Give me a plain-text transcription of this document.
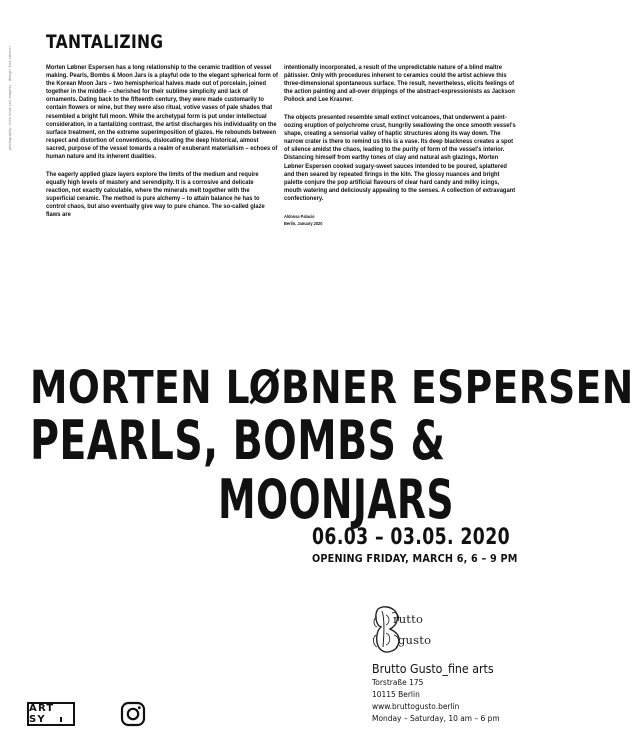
photography: chris bhok (all images) · design: tina vannier
TANTALIZING

Morten Løbner Espersen has a long relationship to the ceramic tradition of vessel making. Pearls, Bombs & Moon Jars is a playful ode to the elegant spherical form of the Korean Moon Jars – two hemispherical halves made out of porcelain, joined together in the middle – cherished for their sublime simplicity and lack of ornaments. Dating back to the fifteenth century, they were made customarily to contain flowers or wine, but they were also ritual, votive vases of pale shades that resembled a bright full moon. While the archetypal form is put under intellectual consideration, in a tantalizing contrast, the artist discharges his individuality on the surface treatment, on the extreme superimposition of glazes. He rebounds between respect and distortion of conventions, dislocating the deep historical, almost sacred, purpose of the vessel towards a realm of exuberant materialism – echoes of human nature and its inherent dualities.

The eagerly applied glaze layers explore the limits of the medium and require equally high levels of mastery and serendipity. It is a corrosive and delicate reaction, not exactly calculable, where the minerals melt together with the superficial ceramic. The method is pure alchemy – to attain balance he has to control chaos, but also eventually give way to pure chance. The so-called glaze flaws are

intentionally incorporated, a result of the unpredictable nature of a blind maître pâtissier. Only with procedures inherent to ceramics could the artist achieve this three-dimensional spontaneous surface. The result, nevertheless, elicits feelings of the action painting and all-over drippings of the abstract-expressionists as Jackson Pollock and Lee Krasner.

The objects presented resemble small extinct volcanoes, that underwent a paint-oozing eruption of polychrome crust, hungrily swallowing the once smooth vessel's shape, creating a sensorial valley of haptic structures along its way down. The narrow crater is there to remind us this is a vase. Its deep blackness creates a spot of silence amidst the chaos, leading to the purity of form of the vessel's interior. Distancing himself from earthy tones of clay and natural ash glazings, Morten Løbner Espersen cooked sugary-sweet sauces intended to be poured, splattered and then seared by repeated firings in the kiln. The glossy nuances and bright palette conjure the pop artificial flavours of clear hard candy and milky icings, mouth watering and deliciously appealing to the senses. A collection of extravagant confectionery.

Aldonsa Palacio
Berlin, January 2020
MORTEN LØBNER ESPERSEN
PEARLS, BOMBS &
MOONJARS
06.03 – 03.05. 2020
OPENING FRIDAY, MARCH 6, 6 – 9 PM
rutto
gusto
Brutto Gusto_fine arts
Torstraße 175
10115 Berlin
www.bruttogusto.berlin
Monday – Saturday, 10 am – 6 pm
ART SY
